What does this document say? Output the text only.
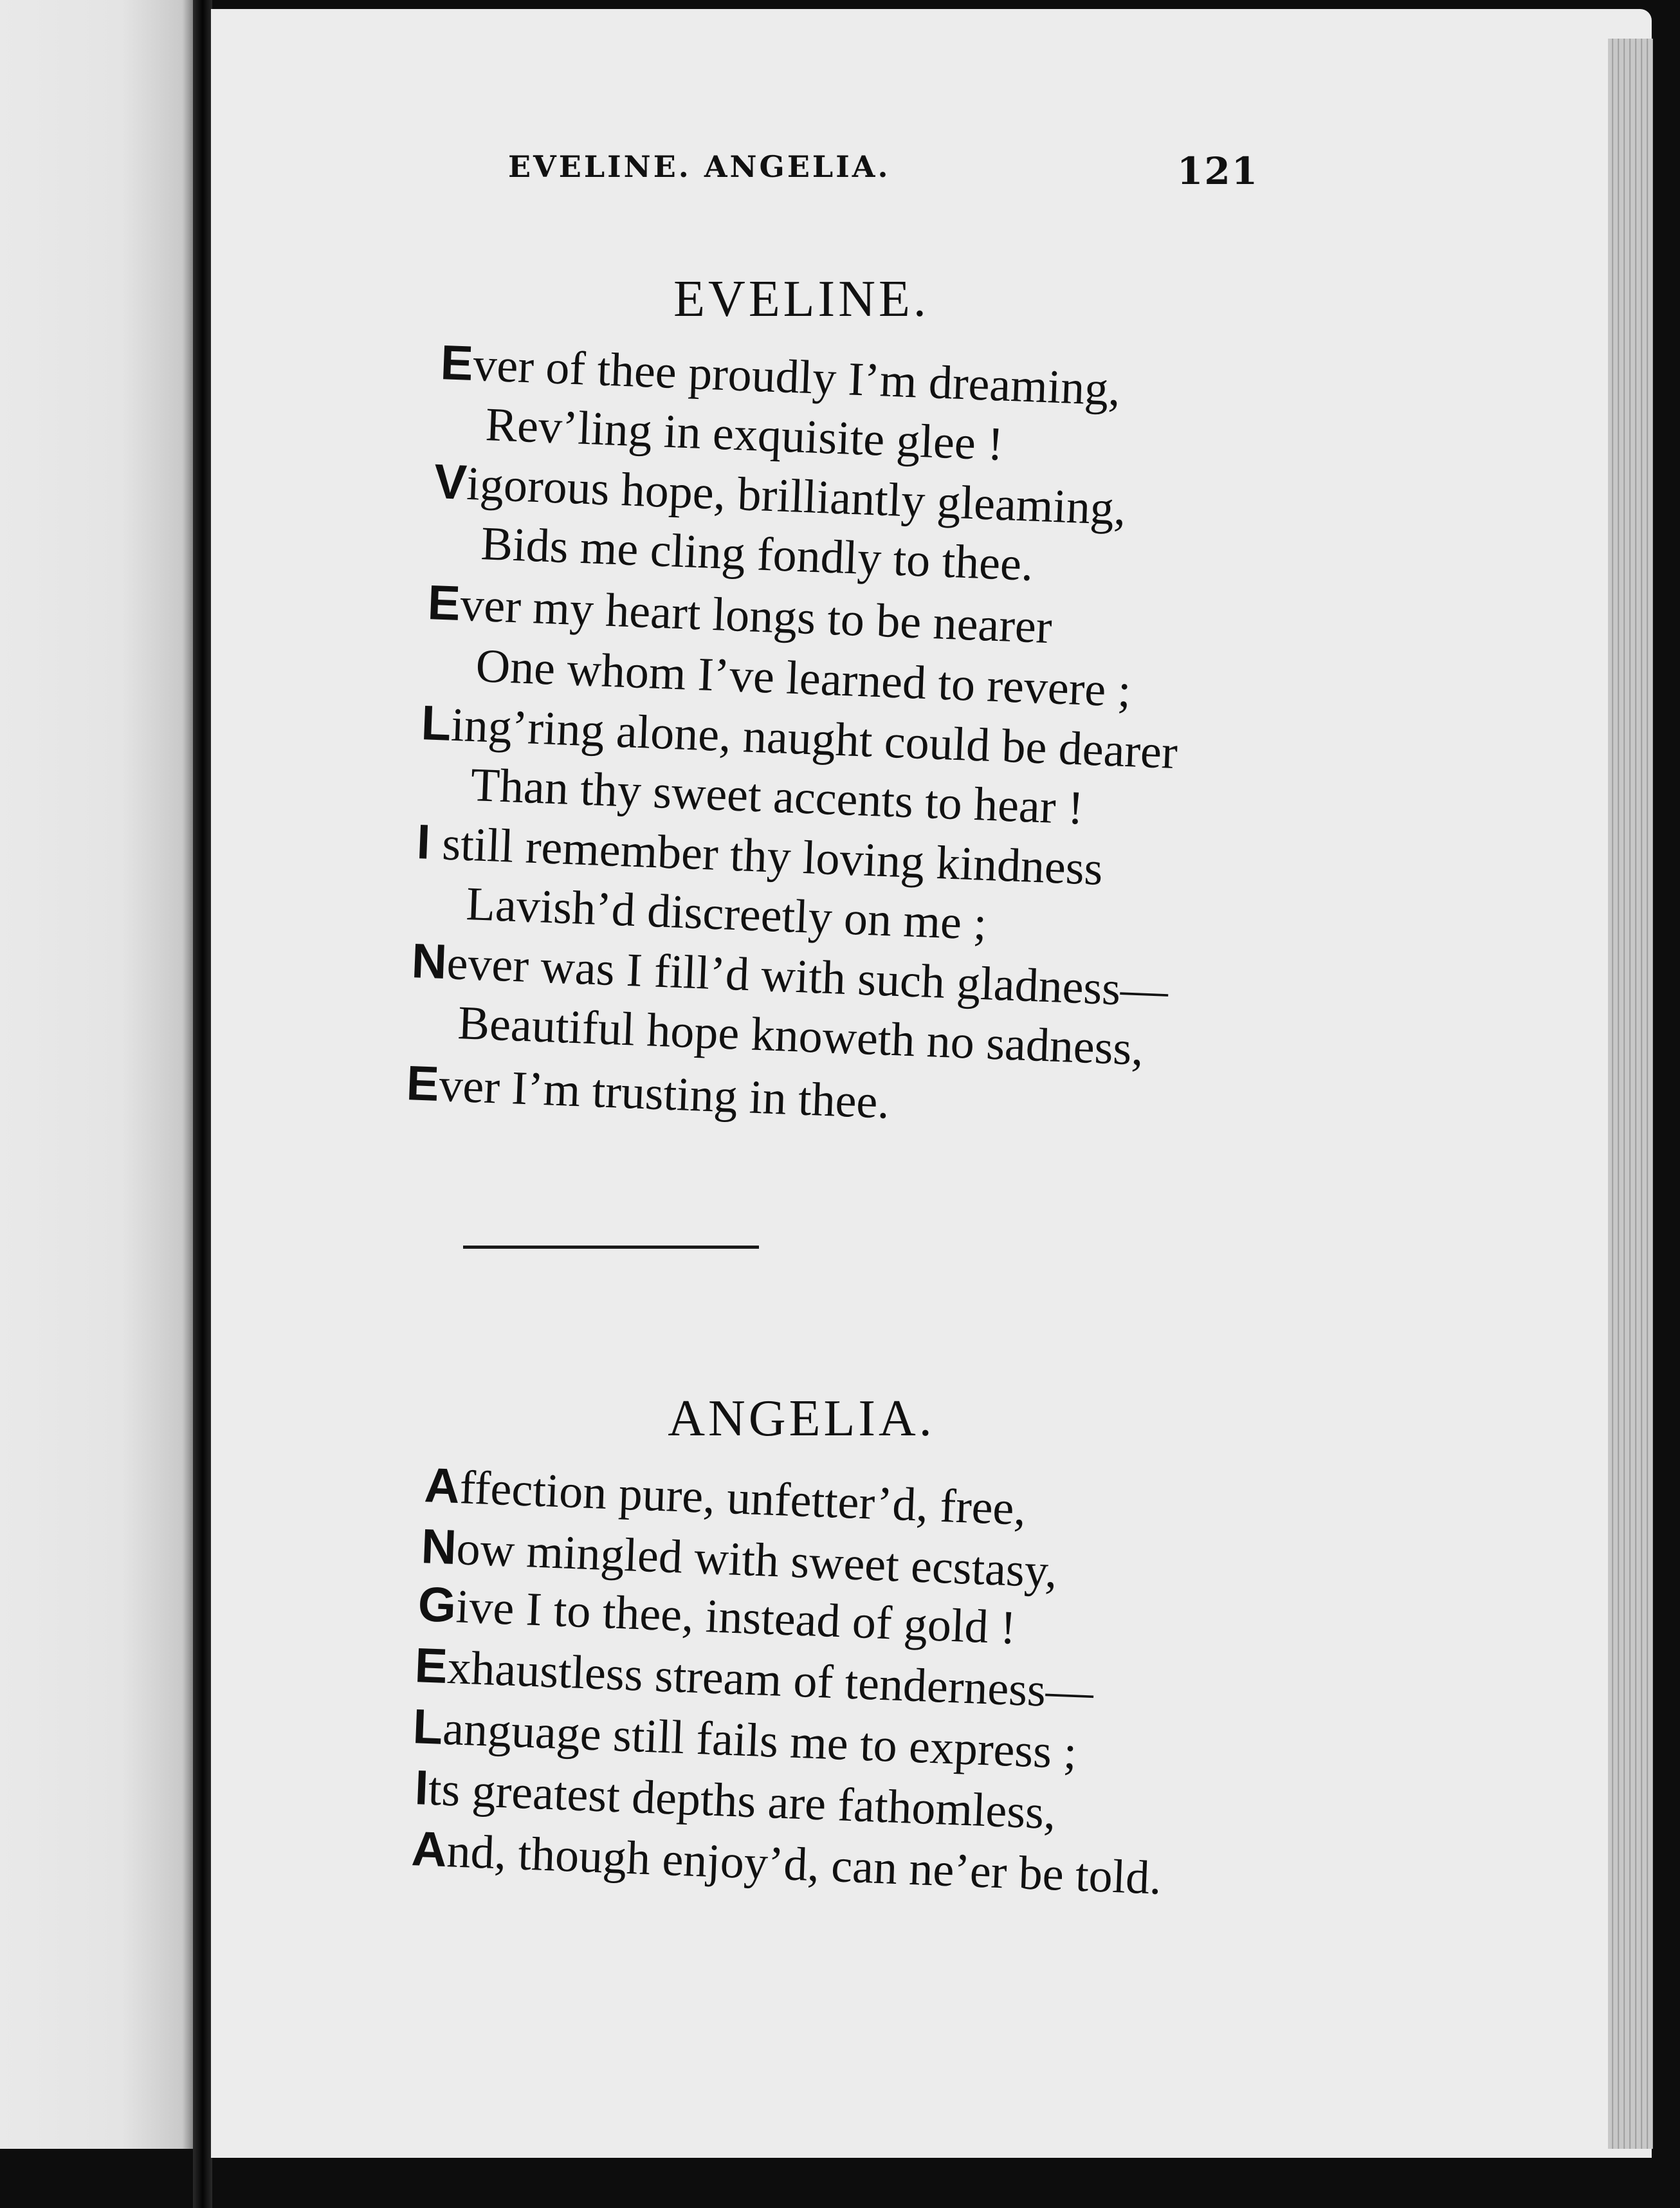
EVELINE. ANGELIA.	121
EVELINE.
Ever of thee proudly I’m dreaming,
Rev’ling in exquisite glee !
Vigorous hope, brilliantly gleaming,
Bids me cling fondly to thee.
Ever my heart longs to be nearer
One whom I’ve learned to revere ;
Ling’ring alone, naught could be dearer
Than thy sweet accents to hear !
I still remember thy loving kindness
Lavish’d discreetly on me ;
Never was I fill’d with such gladness—
Beautiful hope knoweth no sadness,
Ever I’m trusting in thee.
ANGELIA.
Affection pure, unfetter’d, free,
Now mingled with sweet ecstasy,
Give I to thee, instead of gold !
Exhaustless stream of tenderness—
Language still fails me to express ;
Its greatest depths are fathomless,
And, though enjoy’d, can ne’er be told.
